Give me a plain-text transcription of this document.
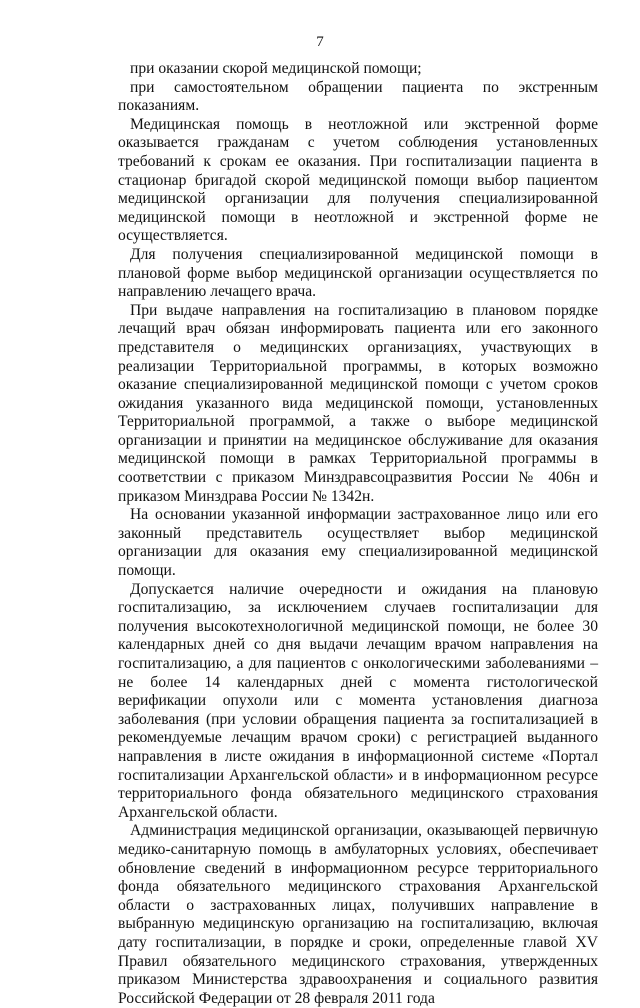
7

при оказании скорой медицинской помощи;

при самостоятельном обращении пациента по экстренным показаниям.

Медицинская помощь в неотложной или экстренной форме оказывается гражданам с учетом соблюдения установленных требований к срокам ее оказания. При госпитализации пациента в стационар бригадой скорой медицинской помощи выбор пациентом медицинской организации для получения специализированной медицинской помощи в неотложной и экстренной форме не осуществляется.

Для получения специализированной медицинской помощи в плановой форме выбор медицинской организации осуществляется по направлению лечащего врача.

При выдаче направления на госпитализацию в плановом порядке лечащий врач обязан информировать пациента или его законного представителя о медицинских организациях, участвующих в реализации Территориальной программы, в которых возможно оказание специализированной медицинской помощи с учетом сроков ожидания указанного вида медицинской помощи, установленных Территориальной программой, а также о выборе медицинской организации и принятии на медицинское обслуживание для оказания медицинской помощи в рамках Территориальной программы в соответствии с приказом Минздравсоцразвития России № 406н и приказом Минздрава России № 1342н.

На основании указанной информации застрахованное лицо или его законный представитель осуществляет выбор медицинской организации для оказания ему специализированной медицинской помощи.

Допускается наличие очередности и ожидания на плановую госпитализацию, за исключением случаев госпитализации для получения высокотехнологичной медицинской помощи, не более 30 календарных дней со дня выдачи лечащим врачом направления на госпитализацию, а для пациентов с онкологическими заболеваниями – не более 14 календарных дней с момента гистологической верификации опухоли или с момента установления диагноза заболевания (при условии обращения пациента за госпитализацией в рекомендуемые лечащим врачом сроки) с регистрацией выданного направления в листе ожидания в информационной системе «Портал госпитализации Архангельской области» и в информационном ресурсе территориального фонда обязательного медицинского страхования Архангельской области.

Администрация медицинской организации, оказывающей первичную медико-санитарную помощь в амбулаторных условиях, обеспечивает обновление сведений в информационном ресурсе территориального фонда обязательного медицинского страхования Архангельской области о застрахованных лицах, получивших направление в выбранную медицинскую организацию на госпитализацию, включая дату госпитализации, в порядке и сроки, определенные главой XV Правил обязательного медицинского страхования, утвержденных приказом Министерства здравоохранения и социального развития Российской Федерации от 28 февраля 2011 года
